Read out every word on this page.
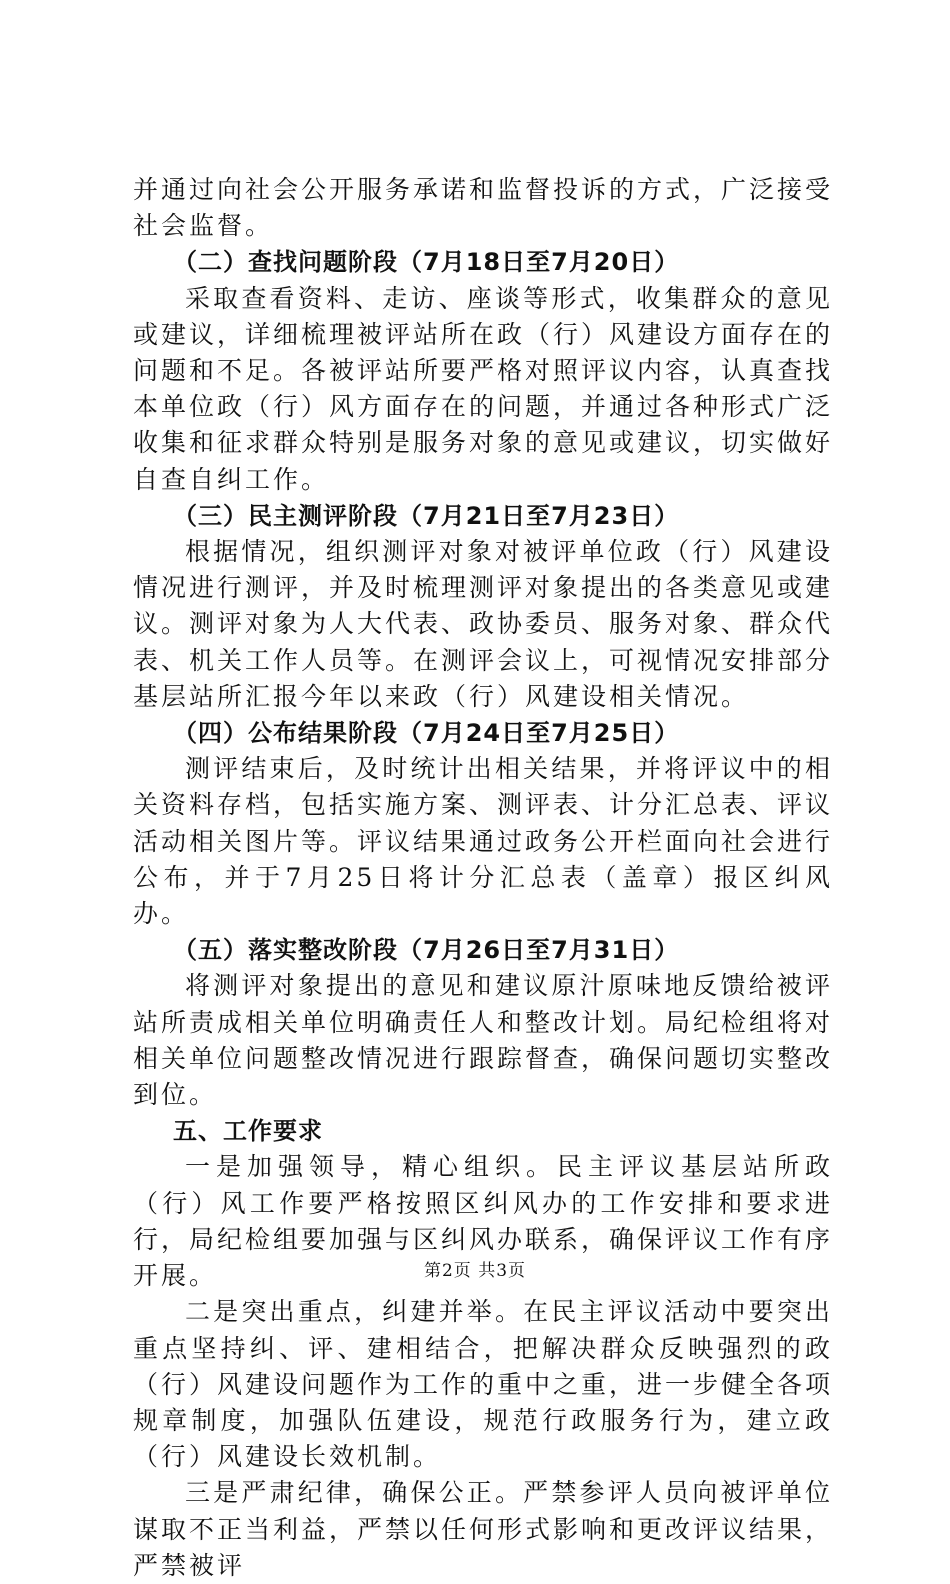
并通过向社会公开服务承诺和监督投诉的方式，广泛接受社会监督。

（二）查找问题阶段（7月18日至7月20日）

采取查看资料、走访、座谈等形式，收集群众的意见或建议，详细梳理被评站所在政（行）风建设方面存在的问题和不足。各被评站所要严格对照评议内容，认真查找本单位政（行）风方面存在的问题，并通过各种形式广泛收集和征求群众特别是服务对象的意见或建议，切实做好自查自纠工作。

（三）民主测评阶段（7月21日至7月23日）

根据情况，组织测评对象对被评单位政（行）风建设情况进行测评，并及时梳理测评对象提出的各类意见或建议。测评对象为人大代表、政协委员、服务对象、群众代表、机关工作人员等。在测评会议上，可视情况安排部分基层站所汇报今年以来政（行）风建设相关情况。

（四）公布结果阶段（7月24日至7月25日）

测评结束后，及时统计出相关结果，并将评议中的相关资料存档，包括实施方案、测评表、计分汇总表、评议活动相关图片等。评议结果通过政务公开栏面向社会进行公布，并于7月25日将计分汇总表（盖章）报区纠风办。

（五）落实整改阶段（7月26日至7月31日）

将测评对象提出的意见和建议原汁原味地反馈给被评站所责成相关单位明确责任人和整改计划。局纪检组将对相关单位问题整改情况进行跟踪督查，确保问题切实整改到位。

五、工作要求

一是加强领导，精心组织。民主评议基层站所政（行）风工作要严格按照区纠风办的工作安排和要求进行，局纪检组要加强与区纠风办联系，确保评议工作有序开展。

二是突出重点，纠建并举。在民主评议活动中要突出重点坚持纠、评、建相结合，把解决群众反映强烈的政（行）风建设问题作为工作的重中之重，进一步健全各项规章制度，加强队伍建设，规范行政服务行为，建立政（行）风建设长效机制。

三是严肃纪律，确保公正。严禁参评人员向被评单位谋取不正当利益，严禁以任何形式影响和更改评议结果，严禁被评

第2页 共3页
